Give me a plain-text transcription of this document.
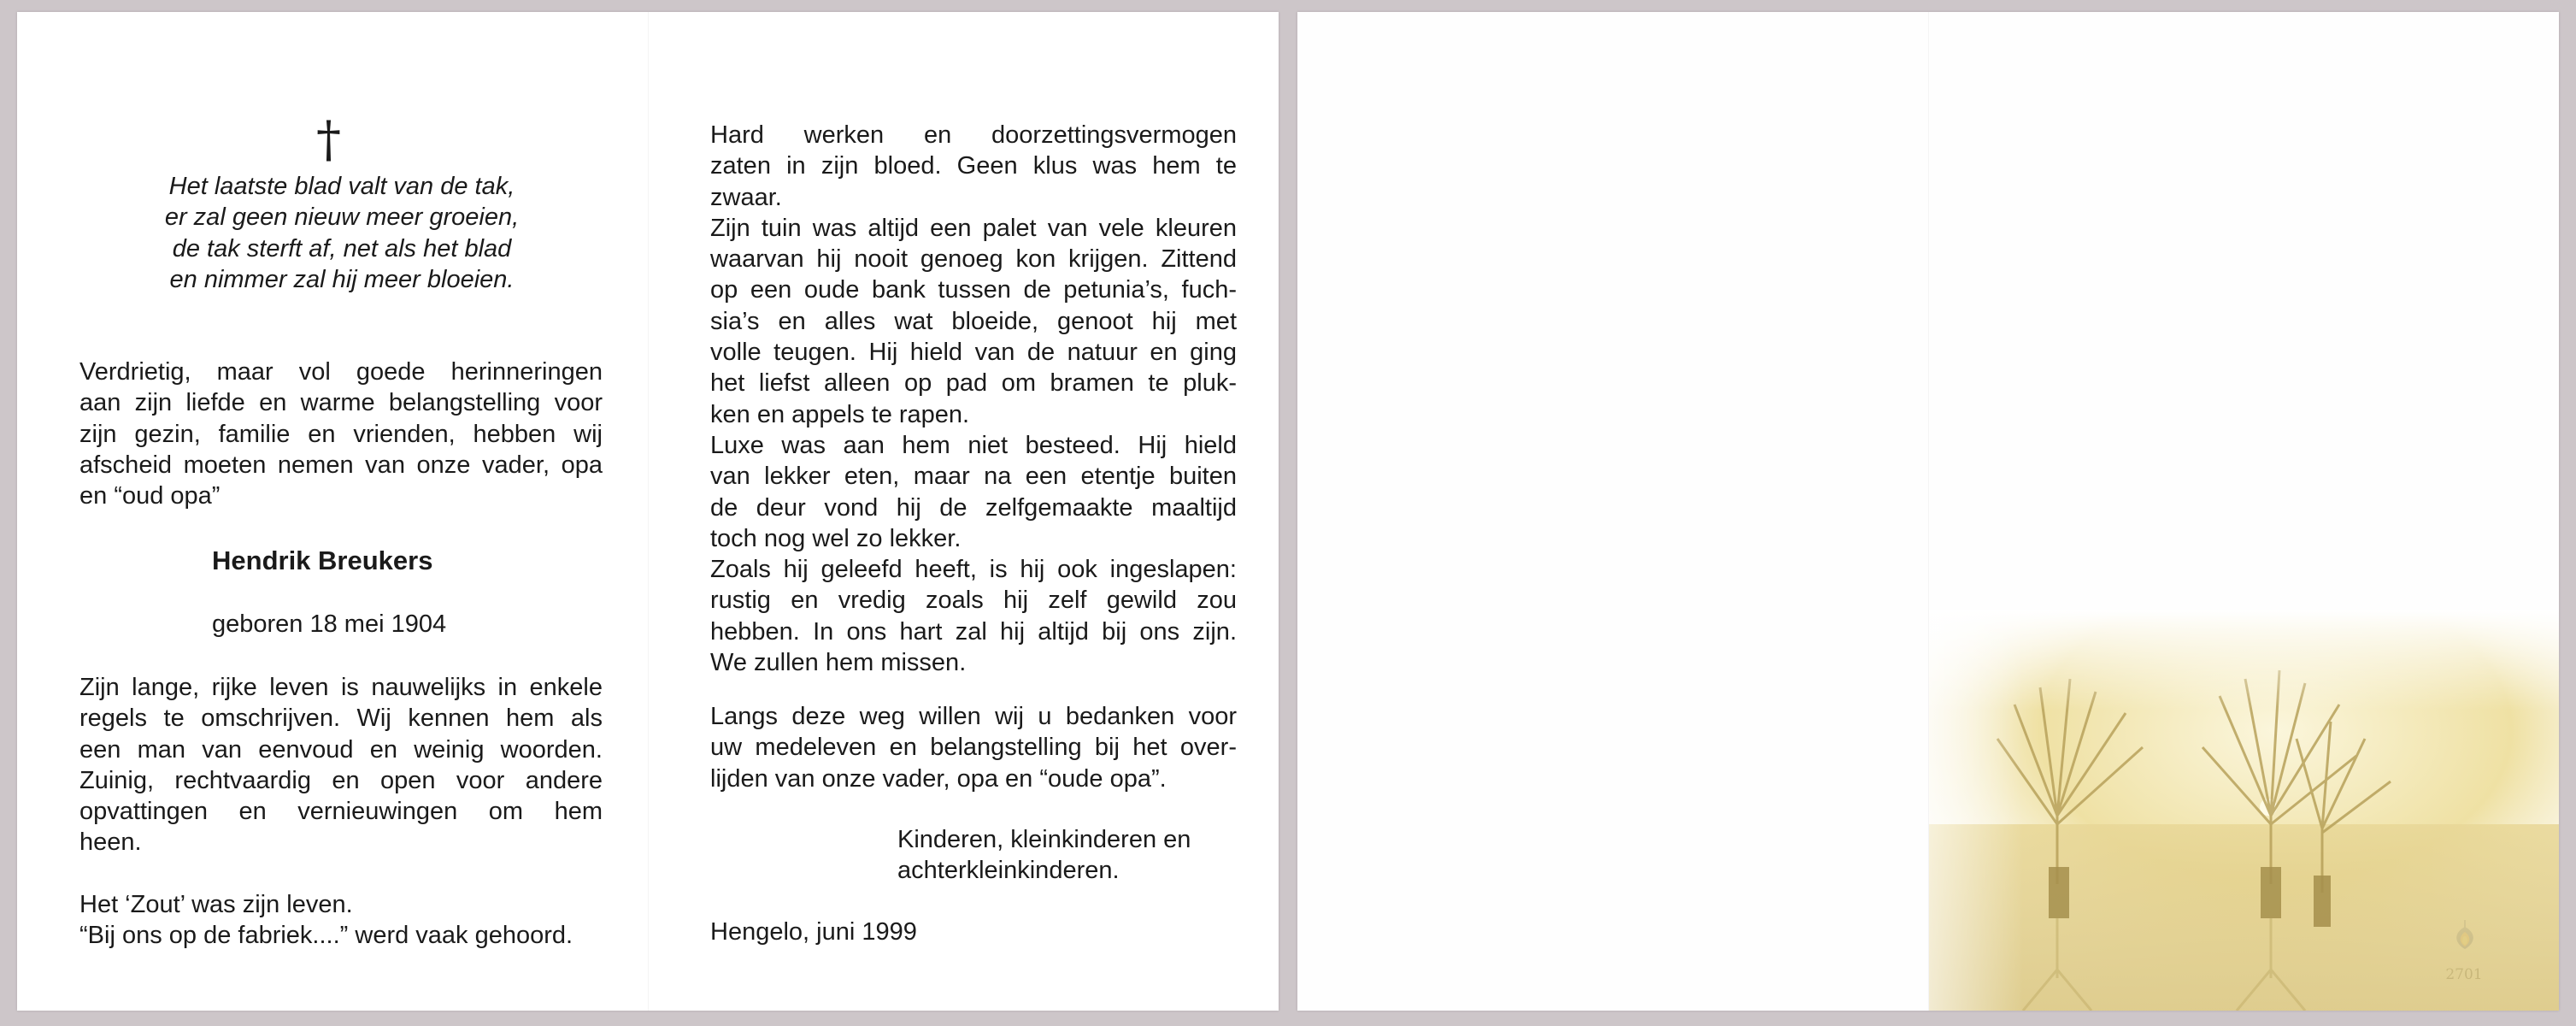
†
Het laatste blad valt van de tak,
er zal geen nieuw meer groeien,
de tak sterft af, net als het blad
en nimmer zal hij meer bloeien.
Verdrietig, maar vol goede herinneringen
aan zijn liefde en warme belangstelling voor
zijn gezin, familie en vrienden, hebben wij
afscheid moeten nemen van onze vader, opa
en “oud opa”
Hendrik Breukers
geboren 18 mei 1904
Zijn lange, rijke leven is nauwelijks in enkele
regels te omschrijven. Wij kennen hem als
een man van eenvoud en weinig woorden.
Zuinig, rechtvaardig en open voor andere
opvattingen en vernieuwingen om hem
heen.
Het ‘Zout’ was zijn leven.
“Bij ons op de fabriek....” werd vaak gehoord.
Hard werken en doorzettingsvermogen
zaten in zijn bloed. Geen klus was hem te
zwaar.
Zijn tuin was altijd een palet van vele kleuren
waarvan hij nooit genoeg kon krijgen. Zittend
op een oude bank tussen de petunia’s, fuch-
sia’s en alles wat bloeide, genoot hij met
volle teugen. Hij hield van de natuur en ging
het liefst alleen op pad om bramen te pluk-
ken en appels te rapen.
Luxe was aan hem niet besteed. Hij hield
van lekker eten, maar na een etentje buiten
de deur vond hij de zelfgemaakte maaltijd
toch nog wel zo lekker.
Zoals hij geleefd heeft, is hij ook ingeslapen:
rustig en vredig zoals hij zelf gewild zou
hebben. In ons hart zal hij altijd bij ons zijn.
We zullen hem missen.
Langs deze weg willen wij u bedanken voor
uw medeleven en belangstelling bij het over-
lijden van onze vader, opa en “oude opa”.
Kinderen, kleinkinderen en
achterkleinkinderen.
Hengelo, juni 1999
